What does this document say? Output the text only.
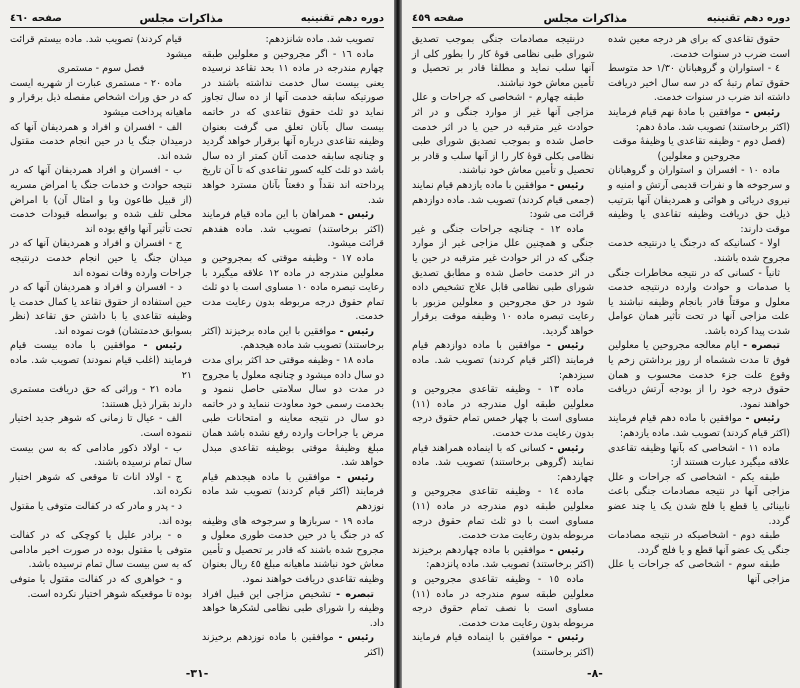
دوره دهم تقنینیه
مذاکرات مجلس
صفحه ٤٦٠

تصویب شد. ماده شانزدهم:

ماده ١٦ - اگر مجروحین و معلولین طبقه چهارم مندرجه در ماده ١١ بحد تقاعد نرسیده یعنی بیست سال خدمت نداشته باشند در صورتیکه سابقه خدمت آنها از ده سال تجاوز نماید دو ثلث حقوق تقاعدی که در خاتمه بیست سال بآنان تعلق می گرفت بعنوان وظیفه تقاعدی درباره آنها برقرار خواهد گردید و چنانچه سابقه خدمت آنان کمتر از ده سال باشد دو ثلث کلیه کسور تقاعدی که تا آن تاریخ پرداخته اند نقداً و دفعتاً بآنان مسترد خواهد شد.

رئیس - همراهان با این ماده قیام فرمایند (اکثر برخاستند) تصویب شد. ماده هفدهم قرائت میشود.

ماده ١٧ - وظیفه موقتی که بمجروحین و معلولین مندرجه در ماده ١٢ علاقه میگیرد با رعایت تبصره ماده ١٠ مساوی است با دو ثلث تمام حقوق درجه مربوطه بدون رعایت مدت خدمت.

رئیس - موافقین با این ماده برخیزند (اکثر برخاستند) تصویب شد ماده هیجدهم.

ماده ١٨ - وظیفه موقتی حد اکثر برای مدت دو سال داده میشود و چنانچه معلول یا مجروح در مدت دو سال سلامتی حاصل ننمود و بخدمت رسمی خود معاودت ننماید و در خاتمه دو سال در نتیجه معاینه و امتحانات طبی مرض یا جراحات وارده رفع نشده باشد همان مبلغ وظیفهٔ موقتی بوظیفه تقاعدی مبدل خواهد شد.

رئیس - موافقین با ماده هیجدهم قیام فرمایند (اکثر قیام کردند) تصویب شد ماده نوزدهم

ماده ١٩ - سربازها و سرجوخه های وظیفه که در جنگ یا در حین خدمت طوری معلول و مجروح شده باشند که قادر بر تحصیل و تأمین معاش خود نباشند ماهیانه مبلغ ٤٥ ریال بعنوان وظیفه تقاعدی دریافت خواهند نمود.

تبصره - تشخیص مزاجی این قبیل افراد وظیفه را شورای طبی نظامی لشکرها خواهد داد.

رئیس - موافقین با ماده نوزدهم برخیزند (اکثر

قیام کردند) تصویب شد. ماده بیستم قرائت میشود

فصل سوم - مستمری

ماده ٢٠ - مستمری عبارت از شهریه ایست که در حق وراث اشخاص مفصله ذیل برقرار و ماهیانه پرداخت میشود

الف - افسران و افراد و همردیفان آنها که درمیدان جنگ یا در حین انجام خدمت مقتول شده اند.

ب - افسران و افراد همردیفان آنها که در نتیجه حوادث و خدمات جنگ یا امراض مسریه (از قبیل طاعون وبا و امثال آن) با امراض محلی تلف شده و بواسطه قیودات خدمت تحت تأثیر آنها واقع بوده اند

ج - افسران و افراد و همردیفان آنها که در میدان جنگ یا حین انجام خدمت درنتیجه جراحات وارده وفات نموده اند

د - افسران و افراد و همردیفان آنها که در حین استفاده از حقوق تقاعد یا کمال خدمت یا وظیفه تقاعدی یا با داشتن حق تقاعد (نظر بسوابق خدمتشان) فوت نموده اند.

رئیس - موافقین با ماده بیست قیام فرمایند (اغلب قیام نمودند) تصویب شد. ماده ٢١

ماده ٢١ - وراثی که حق دریافت مستمری دارند بقرار ذیل هستند:

الف - عیال تا زمانی که شوهر جدید اختیار ننموده است.

ب - اولاد ذکور مادامی که به سن بیست سال تمام نرسیده باشند.

ج - اولاد اناث تا موقعی که شوهر اختیار نکرده اند.

د - پدر و مادر که در کفالت متوفی یا مقتول بوده اند.

ه - برادر علیل یا کوچکی که در کفالت متوفی یا مقتول بوده در صورت اخیر مادامی که به سن بیست سال تمام نرسیده باشد.

و - خواهری که در کفالت مقتول یا متوفی بوده تا موقعیکه شوهر اختیار نکرده است.

-٣١-
دوره دهم تقنینیه
مذاکرات مجلس
صفحه ٤٥٩

حقوق تقاعدی که برای هر درجه معین شده است ضرب در سنوات خدمت.

٤ - استواران و گروهبانان ١/٣٠ حد متوسط حقوق تمام رتبهٔ که در سه سال اخیر دریافت داشته اند ضرب در سنوات خدمت.

رئیس - موافقین با مادهٔ نهم قیام فرمایند (اکثر برخاستند) تصویب شد. مادهٔ دهم:

(فصل دوم - وظیفه تقاعدی یا وظیفهٔ موقت مجروحین و معلولین)

ماده ١٠ - افسران و استواران و گروهبانان و سرجوخه ها و نفرات قدیمی آرتش و امنیه و نیروی دریائی و هوائی و همردیفان آنها بترتیب ذیل حق دریافت وظیفه تقاعدی یا وظیفه موقت دارند:

اولا - کسانیکه که درجنگ یا درنتیجه خدمت مجروح شده باشند.

ثانیاً - کسانی که در نتیجه مخاطرات جنگی یا صدمات و حوادث وارده درنتیجه خدمت معلول و موقتاً قادر بانجام وظیفه نباشند یا علت مزاجی آنها در تحت تأثیر همان عوامل شدت پیدا کرده باشد.

تبصره - ایام معالجه مجروحین یا معلولین فوق تا مدت ششماه از روز برداشتن زخم یا وقوع علت جزء خدمت محسوب و همان حقوق درجه خود را از بودجه آرتش دریافت خواهند نمود.

رئیس - موافقین با ماده دهم قیام فرمایند (اکثر قیام کردند) تصویب شد. ماده یازدهم:

ماده ١١ - اشخاصی که بآنها وظیفه تقاعدی علاقه میگیرد عبارت هستند از:

طبقه یکم - اشخاصی که جراحات و علل مزاجی آنها در نتیجه مصادمات جنگی باعث نابینائی یا قطع یا فلج شدن یک یا چند عضو گردد.

طبقه دوم - اشخاصیکه در نتیجه مصادمات جنگی یک عضو آنها قطع و یا فلج گردد.

طبقه سوم - اشخاصی که جراحات یا علل مزاجی آنها

درنتیجه مصادمات جنگی بموجب تصدیق شورای طبی نظامی قوهٔ کار را بطور کلی از آنها سلب نماید و مطلقا قادر بر تحصیل و تأمین معاش خود نباشند.

طبقه چهارم - اشخاصی که جراحات و علل مزاجی آنها غیر از موارد جنگی و در اثر حوادث غیر مترقبه در حین یا در اثر خدمت حاصل شده و بموجب تصدیق شورای طبی نظامی بکلی قوهٔ کار را از آنها سلب و قادر بر تحصیل و تأمین معاش خود نباشند.

رئیس - موافقین با ماده یازدهم قیام نمایند (جمعی قیام کردند) تصویب شد. ماده دوازدهم قرائت می شود:

ماده ١٢ - چنانچه جراحات جنگی و غیر جنگی و همچنین علل مزاجی غیر از موارد جنگی که در اثر حوادث غیر مترقبه در حین یا در اثر خدمت حاصل شده و مطابق تصدیق شورای طبی نظامی قابل علاج تشخیص داده شود در حق مجروحین و معلولین مزبور با رعایت تبصره ماده ١٠ وظیفه موقت برقرار خواهد گردید.

رئیس - موافقین با ماده دوازدهم قیام فرمایند (اکثر قیام کردند) تصویب شد. ماده سیزدهم:

ماده ١٣ - وظیفه تقاعدی مجروحین و معلولین طبقه اول مندرجه در ماده (١١) مساوی است با چهار خمس تمام حقوق درجه بدون رعایت مدت خدمت.

رئیس - کسانی که با اینماده همراهند قیام نمایند (گروهی برخاستند) تصویب شد. ماده چهاردهم:

ماده ١٤ - وظیفه تقاعدی مجروحین و معلولین طبقه دوم مندرجه در ماده (١١) مساوی است با دو ثلث تمام حقوق درجه مربوطه بدون رعایت مدت خدمت.

رئیس - موافقین با ماده چهاردهم برخیزند (اکثر برخاستند) تصویب شد. ماده پانزدهم:

ماده ١٥ - وظیفه تقاعدی مجروحین و معلولین طبقه سوم مندرجه در ماده (١١) مساوی است با نصف تمام حقوق درجه مربوطه بدون رعایت مدت خدمت.

رئیس - موافقین با اینماده قیام فرمایند (اکثر برخاستند)

-٨-
